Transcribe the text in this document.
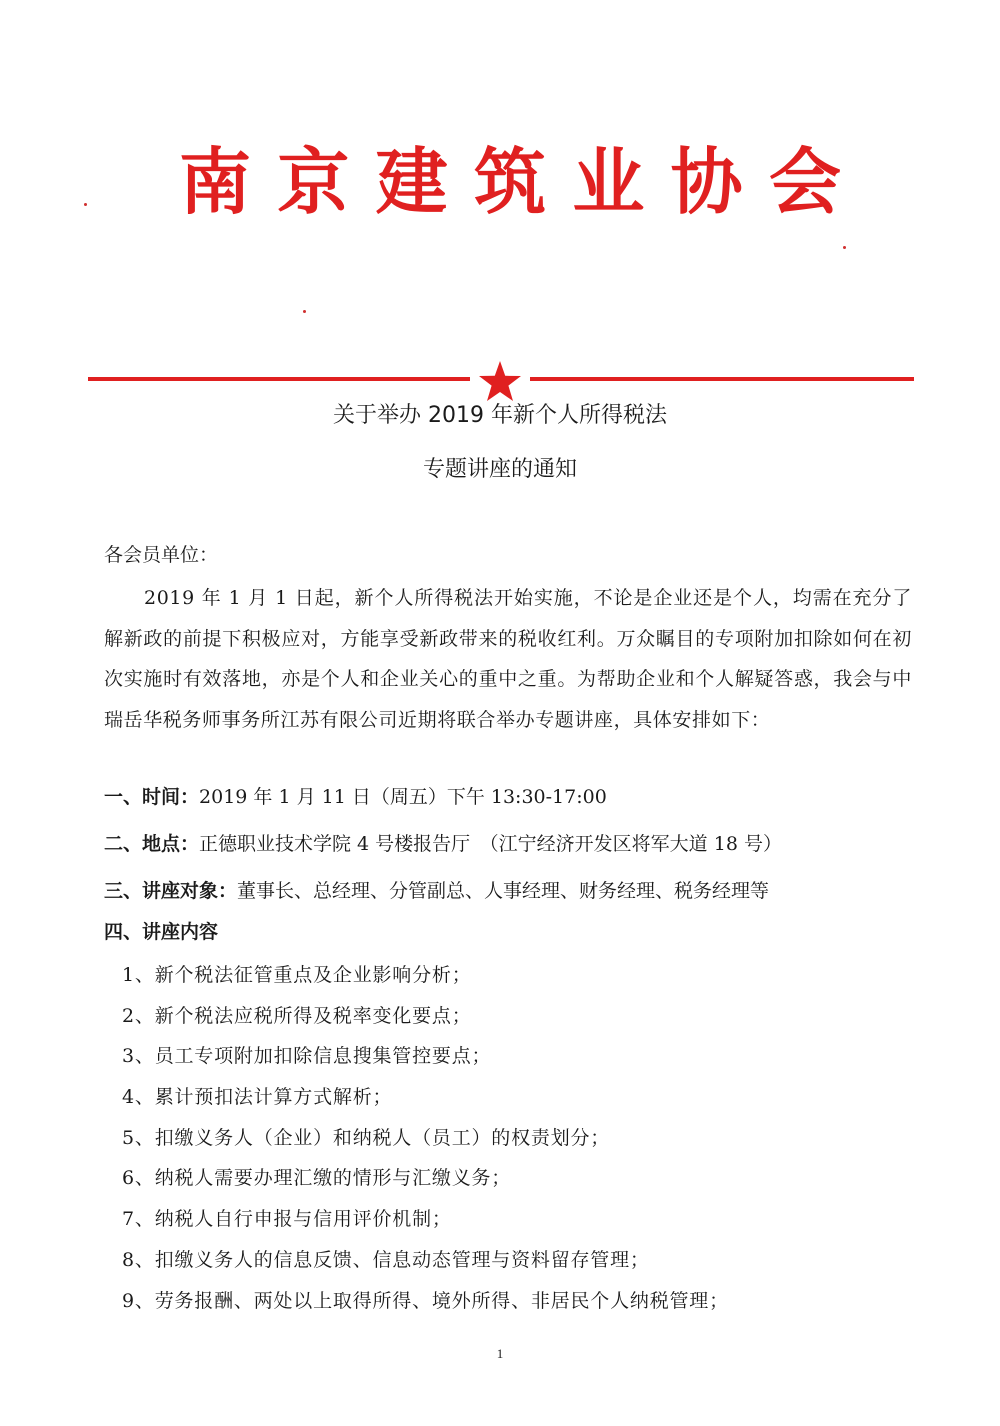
南 京 建 筑 业 协 会
关于举办 2019 年新个人所得税法
专题讲座的通知
各会员单位：
2019 年 1 月 1 日起，新个人所得税法开始实施，不论是企业还是个人，均需在充分了解新政的前提下积极应对，方能享受新政带来的税收红利。万众瞩目的专项附加扣除如何在初次实施时有效落地，亦是个人和企业关心的重中之重。为帮助企业和个人解疑答惑，我会与中瑞岳华税务师事务所江苏有限公司近期将联合举办专题讲座，具体安排如下：
一、时间：2019 年 1 月 11 日（周五）下午 13:30-17:00
二、地点：正德职业技术学院 4 号楼报告厅　（江宁经济开发区将军大道 18 号）
三、讲座对象：董事长、总经理、分管副总、人事经理、财务经理、税务经理等
四、讲座内容
1、新个税法征管重点及企业影响分析；
2、新个税法应税所得及税率变化要点；
3、员工专项附加扣除信息搜集管控要点；
4、累计预扣法计算方式解析；
5、扣缴义务人（企业）和纳税人（员工）的权责划分；
6、纳税人需要办理汇缴的情形与汇缴义务；
7、纳税人自行申报与信用评价机制；
8、扣缴义务人的信息反馈、信息动态管理与资料留存管理；
9、劳务报酬、两处以上取得所得、境外所得、非居民个人纳税管理；
1
